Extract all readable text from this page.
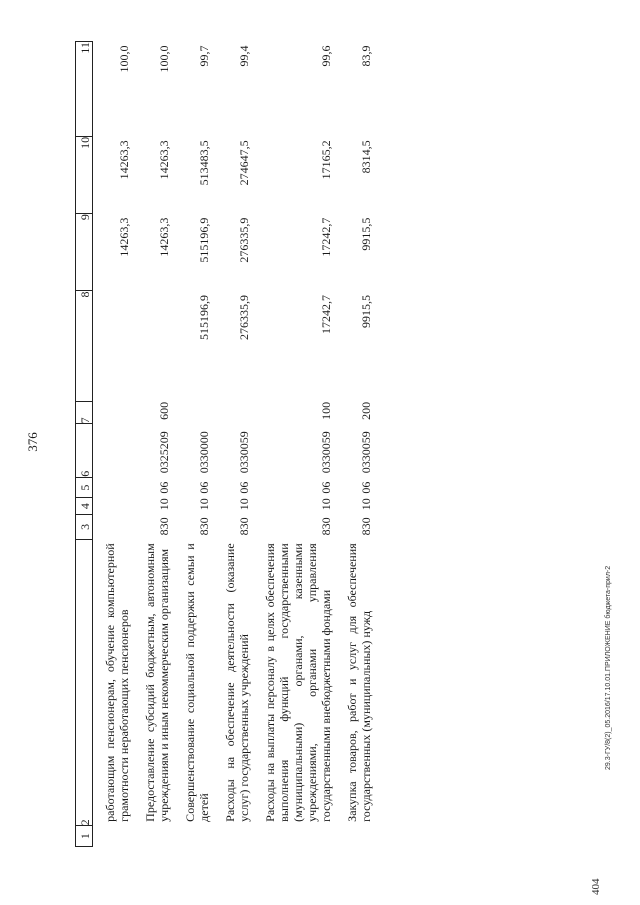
376
1	2	3	4	5	6	7	8	9	10	11
	работающим пенсионерам, обучение компьютерной грамотности неработающих пенсионеров							14263,3	14263,3	100,0
	Предоставление субсидий бюджетным, автономным учреждениям и иным некоммерческим организациям	830	10	06	0325209	600		14263,3	14263,3	100,0
	Совершенствование социальной поддержки семьи и детей	830	10	06	0330000		515196,9	515196,9	513483,5	99,7
	Расходы на обеспечение деятельности (оказание услуг) государственных учреждений	830	10	06	0330059		276335,9	276335,9	274647,5	99,4
	Расходы на выплаты персоналу в целях обеспечения выполнения функций государственными (муниципальными) органами, казенными учреждениями, органами управления государственными внебюджетными фондами	830	10	06	0330059	100	17242,7	17242,7	17165,2	99,6
	Закупка товаров, работ и услуг для обеспечения государственных (муниципальных) нужд	830	10	06	0330059	200	9915,5	9915,5	8314,5	83,9
29.3-ГУ/8(2)_05.2016/17.10.01.ПРИЛОЖЕНИЕ бюджета-прил-2
404
